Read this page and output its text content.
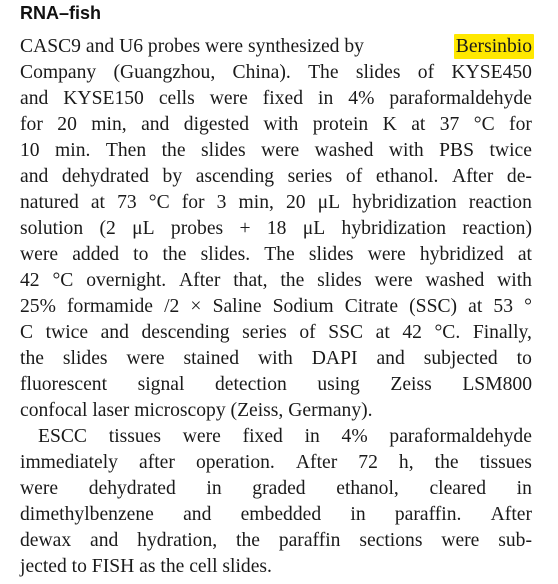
RNA–fish
CASC9 and U6 probes were synthesized by	Bersinbio
Company (Guangzhou, China). The slides of KYSE450
and KYSE150 cells were fixed in 4% paraformaldehyde
for 20 min, and digested with protein K at 37 °C for
10 min. Then the slides were washed with PBS twice
and dehydrated by ascending series of ethanol. After de-
natured at 73 °C for 3 min, 20 μL hybridization reaction
solution (2 μL probes + 18 μL hybridization reaction)
were added to the slides. The slides were hybridized at
42 °C overnight. After that, the slides were washed with
25% formamide /2 × Saline Sodium Citrate (SSC) at 53 °
C twice and descending series of SSC at 42 °C. Finally,
the slides were stained with DAPI and subjected to
fluorescent signal detection using Zeiss LSM800
confocal laser microscopy (Zeiss, Germany).
ESCC tissues were fixed in 4% paraformaldehyde
immediately after operation. After 72 h, the tissues
were dehydrated in graded ethanol, cleared in
dimethylbenzene and embedded in paraffin. After
dewax and hydration, the paraffin sections were sub-
jected to FISH as the cell slides.
